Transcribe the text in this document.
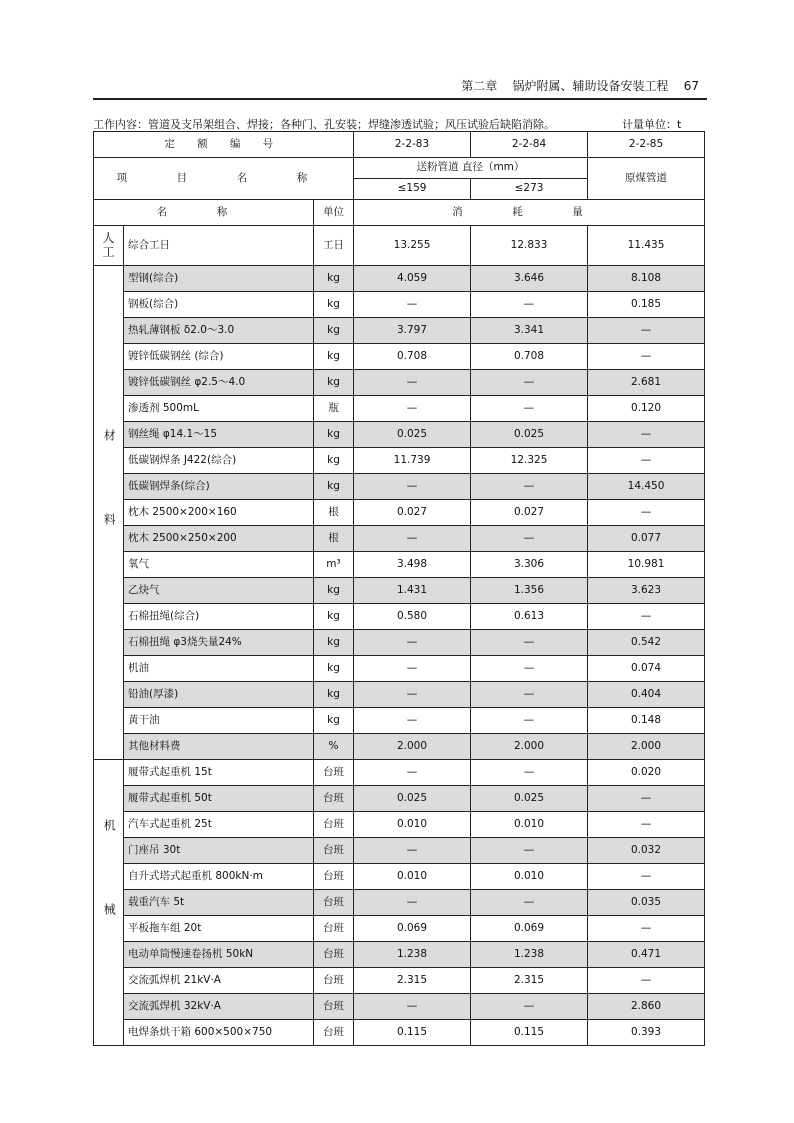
第二章    锅炉附属、辅助设备安装工程    67
工作内容：管道及支吊架组合、焊接；各种门、孔安装；焊缝渗透试验；风压试验后缺陷消除。	计量单位：t
定 额 编 号			2-2-83	2-2-84	2-2-85
项 目 名 称			送粉管道 直径（mm）		原煤管道
			≤159	≤273	
名 称		单位	消 耗 量		

人工	综合工日	工日	13.255	12.833	11.435

材料	型钢(综合)	kg	4.059	3.646	8.108
	钢板(综合)	kg	—	—	0.185
	热轧薄钢板 δ2.0～3.0	kg	3.797	3.341	—
	镀锌低碳钢丝 (综合)	kg	0.708	0.708	—
	镀锌低碳钢丝 φ2.5～4.0	kg	—	—	2.681
	渗透剂 500mL	瓶	—	—	0.120
	钢丝绳 φ14.1～15	kg	0.025	0.025	—
	低碳钢焊条 J422(综合)	kg	11.739	12.325	—
	低碳钢焊条(综合)	kg	—	—	14.450
	枕木 2500×200×160	根	0.027	0.027	—
	枕木 2500×250×200	根	—	—	0.077
	氧气	m³	3.498	3.306	10.981
	乙炔气	kg	1.431	1.356	3.623
	石棉扭绳(综合)	kg	0.580	0.613	—
	石棉扭绳 φ3烧失量24%	kg	—	—	0.542
	机油	kg	—	—	0.074
	铅油(厚漆)	kg	—	—	0.404
	黄干油	kg	—	—	0.148
	其他材料费	%	2.000	2.000	2.000

机械	履带式起重机 15t	台班	—	—	0.020
	履带式起重机 50t	台班	0.025	0.025	—
	汽车式起重机 25t	台班	0.010	0.010	—
	门座吊 30t	台班	—	—	0.032
	自升式塔式起重机 800kN·m	台班	0.010	0.010	—
	载重汽车 5t	台班	—	—	0.035
	平板拖车组 20t	台班	0.069	0.069	—
	电动单筒慢速卷扬机 50kN	台班	1.238	1.238	0.471
	交流弧焊机 21kV·A	台班	2.315	2.315	—
	交流弧焊机 32kV·A	台班	—	—	2.860
	电焊条烘干箱 600×500×750	台班	0.115	0.115	0.393
